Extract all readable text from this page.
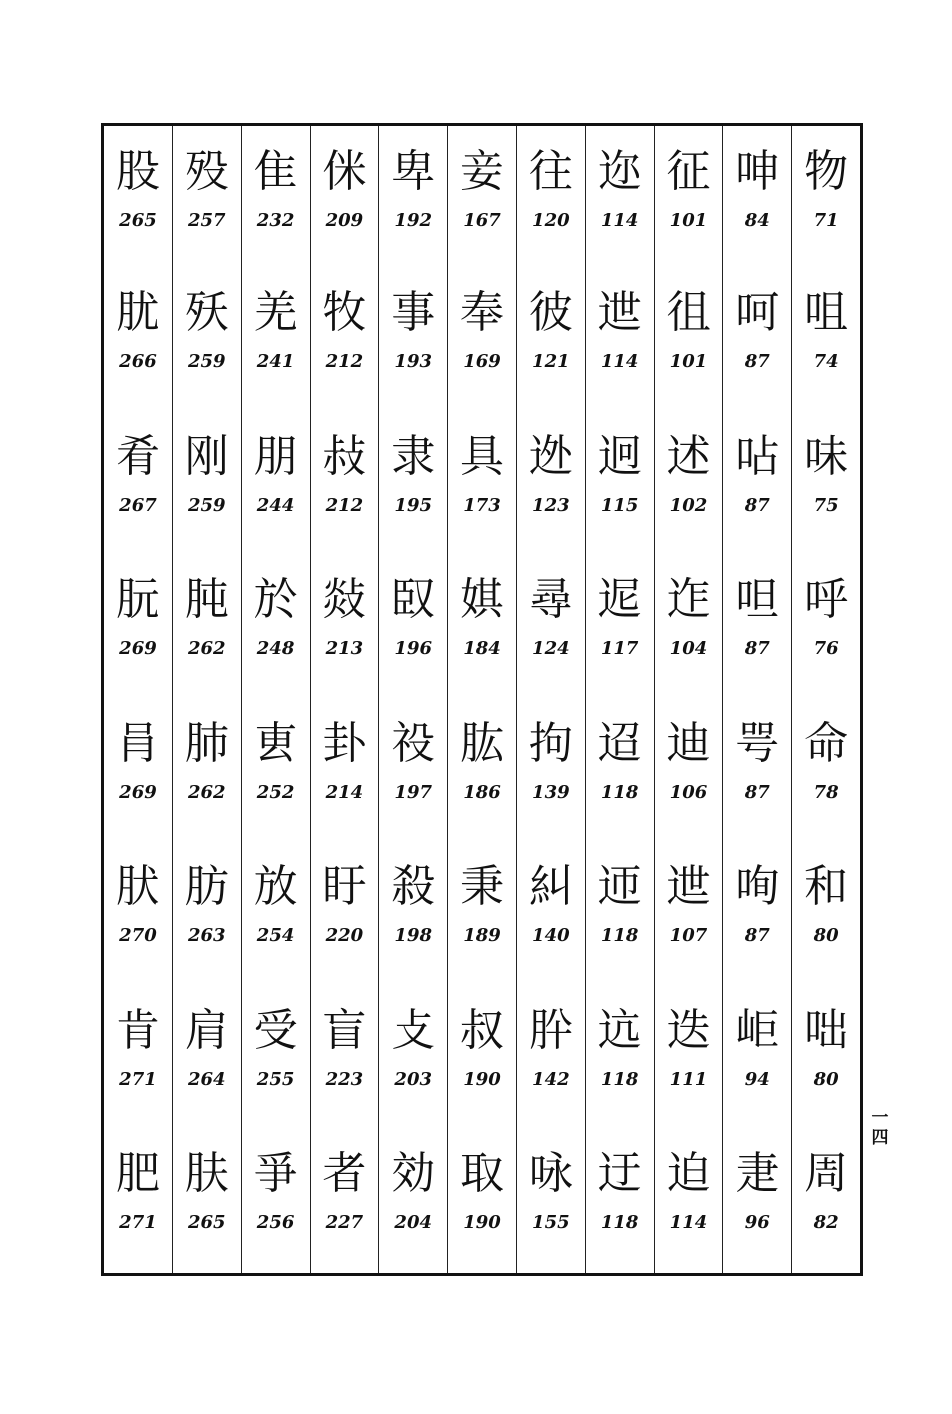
物
71
咀
74
味
75
呼
76
命
78
和
80
咄
80
周
82
呻
84
呵
87
呫
87
呾
87
咢
87
咰
87
岠
94
疌
96
征
101
徂
101
述
102
迮
104
迪
106
迣
107
迭
111
迫
114
迩
114
迣
114
迥
115
迡
117
迢
118
迊
118
迒
118
迂
118
往
120
彼
121
迯
123
尋
124
拘
139
糾
140
肸
142
咏
155
妾
167
奉
169
具
173
娸
184
肱
186
秉
189
叔
190
取
190
卑
192
事
193
隶
195
臤
196
祋
197
殺
198
攴
203
効
204
侎
209
牧
212
敊
212
敥
213
卦
214
盱
220
盲
223
者
227
隹
232
羌
241
朋
244
於
248
叀
252
放
254
受
255
爭
256
殁
257
殀
259
刚
259
肫
262
肺
262
肪
263
肩
264
肤
265
股
265
肬
266
肴
267
朊
269
肙
269
肰
270
肯
271
肥
271
一四
